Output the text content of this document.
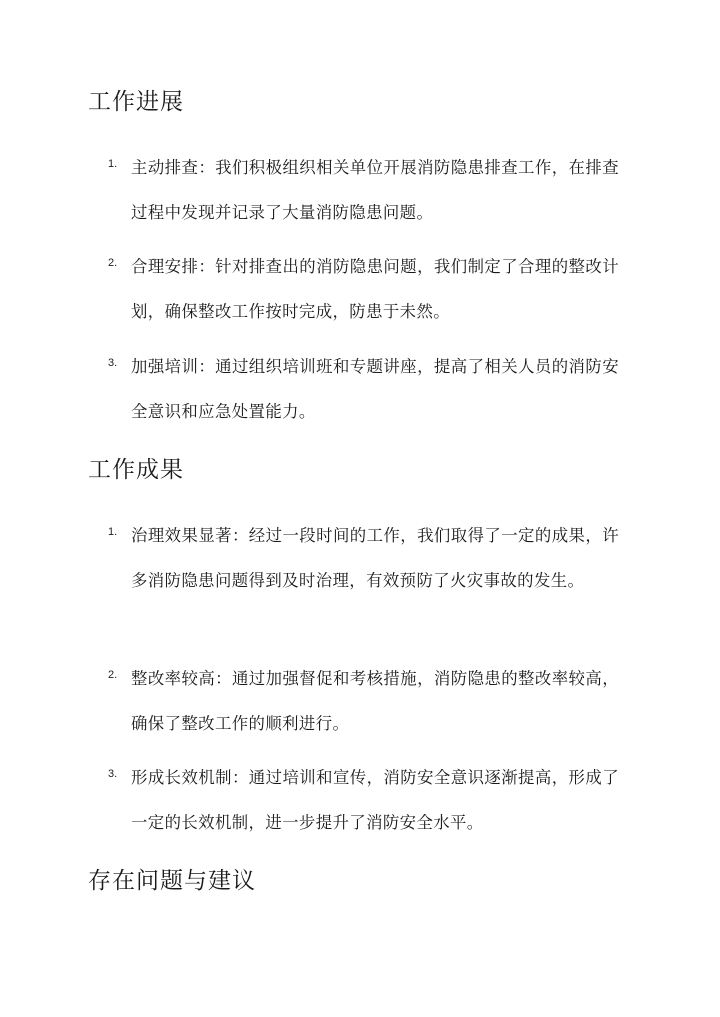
工作进展
1. 主动排查：我们积极组织相关单位开展消防隐患排查工作，在排查过程中发现并记录了大量消防隐患问题。
2. 合理安排：针对排查出的消防隐患问题，我们制定了合理的整改计划，确保整改工作按时完成，防患于未然。
3. 加强培训：通过组织培训班和专题讲座，提高了相关人员的消防安全意识和应急处置能力。
工作成果
1. 治理效果显著：经过一段时间的工作，我们取得了一定的成果，许多消防隐患问题得到及时治理，有效预防了火灾事故的发生。
2. 整改率较高：通过加强督促和考核措施，消防隐患的整改率较高，确保了整改工作的顺利进行。
3. 形成长效机制：通过培训和宣传，消防安全意识逐渐提高，形成了一定的长效机制，进一步提升了消防安全水平。
存在问题与建议
